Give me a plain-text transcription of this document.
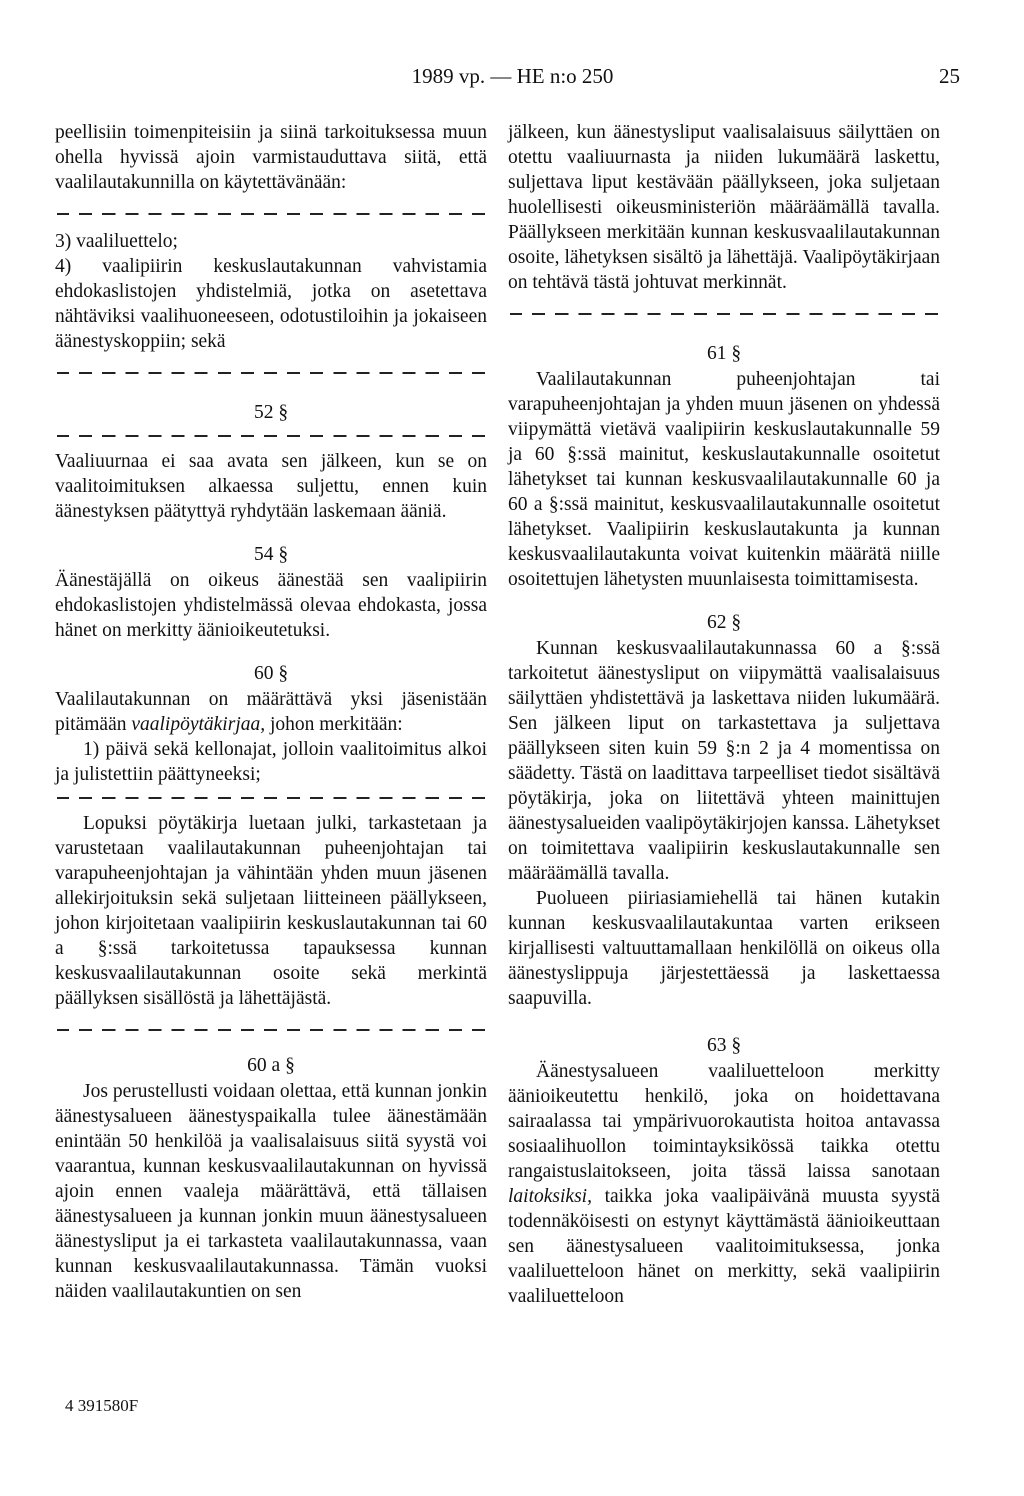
1989 vp. — HE n:o 250	25

peellisiin toimenpiteisiin ja siinä tarkoituksessa muun ohella hyvissä ajoin varmistauduttava siitä, että vaalilautakunnilla on käytettävänään:

3) vaaliluettelo;

4) vaalipiirin keskuslautakunnan vahvistamia ehdokaslistojen yhdistelmiä, jotka on asetettava nähtäviksi vaalihuoneeseen, odotustiloihin ja jokaiseen äänestyskoppiin; sekä

52 §

Vaaliuurnaa ei saa avata sen jälkeen, kun se on vaalitoimituksen alkaessa suljettu, ennen kuin äänestyksen päätyttyä ryhdytään laskemaan ääniä.

54 §

Äänestäjällä on oikeus äänestää sen vaalipiirin ehdokaslistojen yhdistelmässä olevaa ehdokasta, jossa hänet on merkitty äänioikeutetuksi.

60 §

Vaalilautakunnan on määrättävä yksi jäsenistään pitämään vaalipöytäkirjaa, johon merkitään:

1) päivä sekä kellonajat, jolloin vaalitoimitus alkoi ja julistettiin päättyneeksi;

Lopuksi pöytäkirja luetaan julki, tarkastetaan ja varustetaan vaalilautakunnan puheenjohtajan tai varapuheenjohtajan ja vähintään yhden muun jäsenen allekirjoituksin sekä suljetaan liitteineen päällykseen, johon kirjoitetaan vaalipiirin keskuslautakunnan tai 60 a §:ssä tarkoitetussa tapauksessa kunnan keskusvaalilautakunnan osoite sekä merkintä päällyksen sisällöstä ja lähettäjästä.

60 a §

Jos perustellusti voidaan olettaa, että kunnan jonkin äänestysalueen äänestyspaikalla tulee äänestämään enintään 50 henkilöä ja vaalisalaisuus siitä syystä voi vaarantua, kunnan keskusvaalilautakunnan on hyvissä ajoin ennen vaaleja määrättävä, että tällaisen äänestysalueen ja kunnan jonkin muun äänestysalueen äänestysliput ja ei tarkasteta vaalilautakunnassa, vaan kunnan keskusvaalilautakunnassa. Tämän vuoksi näiden vaalilautakuntien on sen

jälkeen, kun äänestysliput vaalisalaisuus säilyttäen on otettu vaaliuurnasta ja niiden lukumäärä laskettu, suljettava liput kestävään päällykseen, joka suljetaan huolellisesti oikeusministeriön määräämällä tavalla. Päällykseen merkitään kunnan keskusvaalilautakunnan osoite, lähetyksen sisältö ja lähettäjä. Vaalipöytäkirjaan on tehtävä tästä johtuvat merkinnät.

61 §

Vaalilautakunnan puheenjohtajan tai varapuheenjohtajan ja yhden muun jäsenen on yhdessä viipymättä vietävä vaalipiirin keskuslautakunnalle 59 ja 60 §:ssä mainitut, keskuslautakunnalle osoitetut lähetykset tai kunnan keskusvaalilautakunnalle 60 ja 60 a §:ssä mainitut, keskusvaalilautakunnalle osoitetut lähetykset. Vaalipiirin keskuslautakunta ja kunnan keskusvaalilautakunta voivat kuitenkin määrätä niille osoitettujen lähetysten muunlaisesta toimittamisesta.

62 §

Kunnan keskusvaalilautakunnassa 60 a §:ssä tarkoitetut äänestysliput on viipymättä vaalisalaisuus säilyttäen yhdistettävä ja laskettava niiden lukumäärä. Sen jälkeen liput on tarkastettava ja suljettava päällykseen siten kuin 59 §:n 2 ja 4 momentissa on säädetty. Tästä on laadittava tarpeelliset tiedot sisältävä pöytäkirja, joka on liitettävä yhteen mainittujen äänestysalueiden vaalipöytäkirjojen kanssa. Lähetykset on toimitettava vaalipiirin keskuslautakunnalle sen määräämällä tavalla.

Puolueen piiriasiamiehellä tai hänen kutakin kunnan keskusvaalilautakuntaa varten erikseen kirjallisesti valtuuttamallaan henkilöllä on oikeus olla äänestyslippuja järjestettäessä ja laskettaessa saapuvilla.

63 §

Äänestysalueen vaaliluetteloon merkitty äänioikeutettu henkilö, joka on hoidettavana sairaalassa tai ympärivuorokautista hoitoa antavassa sosiaalihuollon toimintayksikössä taikka otettu rangaistuslaitokseen, joita tässä laissa sanotaan laitoksiksi, taikka joka vaalipäivänä muusta syystä todennäköisesti on estynyt käyttämästä äänioikeuttaan sen äänestysalueen vaalitoimituksessa, jonka vaaliluetteloon hänet on merkitty, sekä vaalipiirin vaaliluetteloon

4 391580F
